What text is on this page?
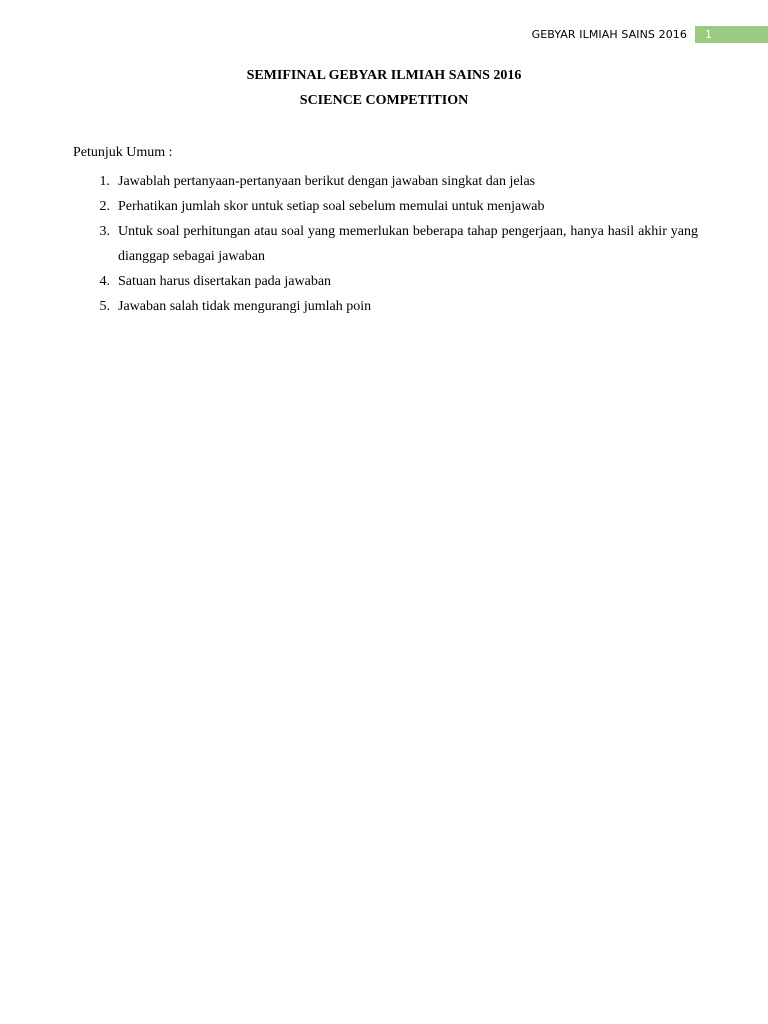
GEBYAR ILMIAH SAINS 2016	1
SEMIFINAL GEBYAR ILMIAH SAINS 2016
SCIENCE COMPETITION
Petunjuk Umum :
1. Jawablah pertanyaan-pertanyaan berikut dengan jawaban singkat dan jelas
2. Perhatikan jumlah skor untuk setiap soal sebelum memulai untuk menjawab
3. Untuk soal perhitungan atau soal yang memerlukan beberapa tahap pengerjaan, hanya hasil akhir yang dianggap sebagai jawaban
4. Satuan harus disertakan pada jawaban
5. Jawaban salah tidak mengurangi jumlah poin
